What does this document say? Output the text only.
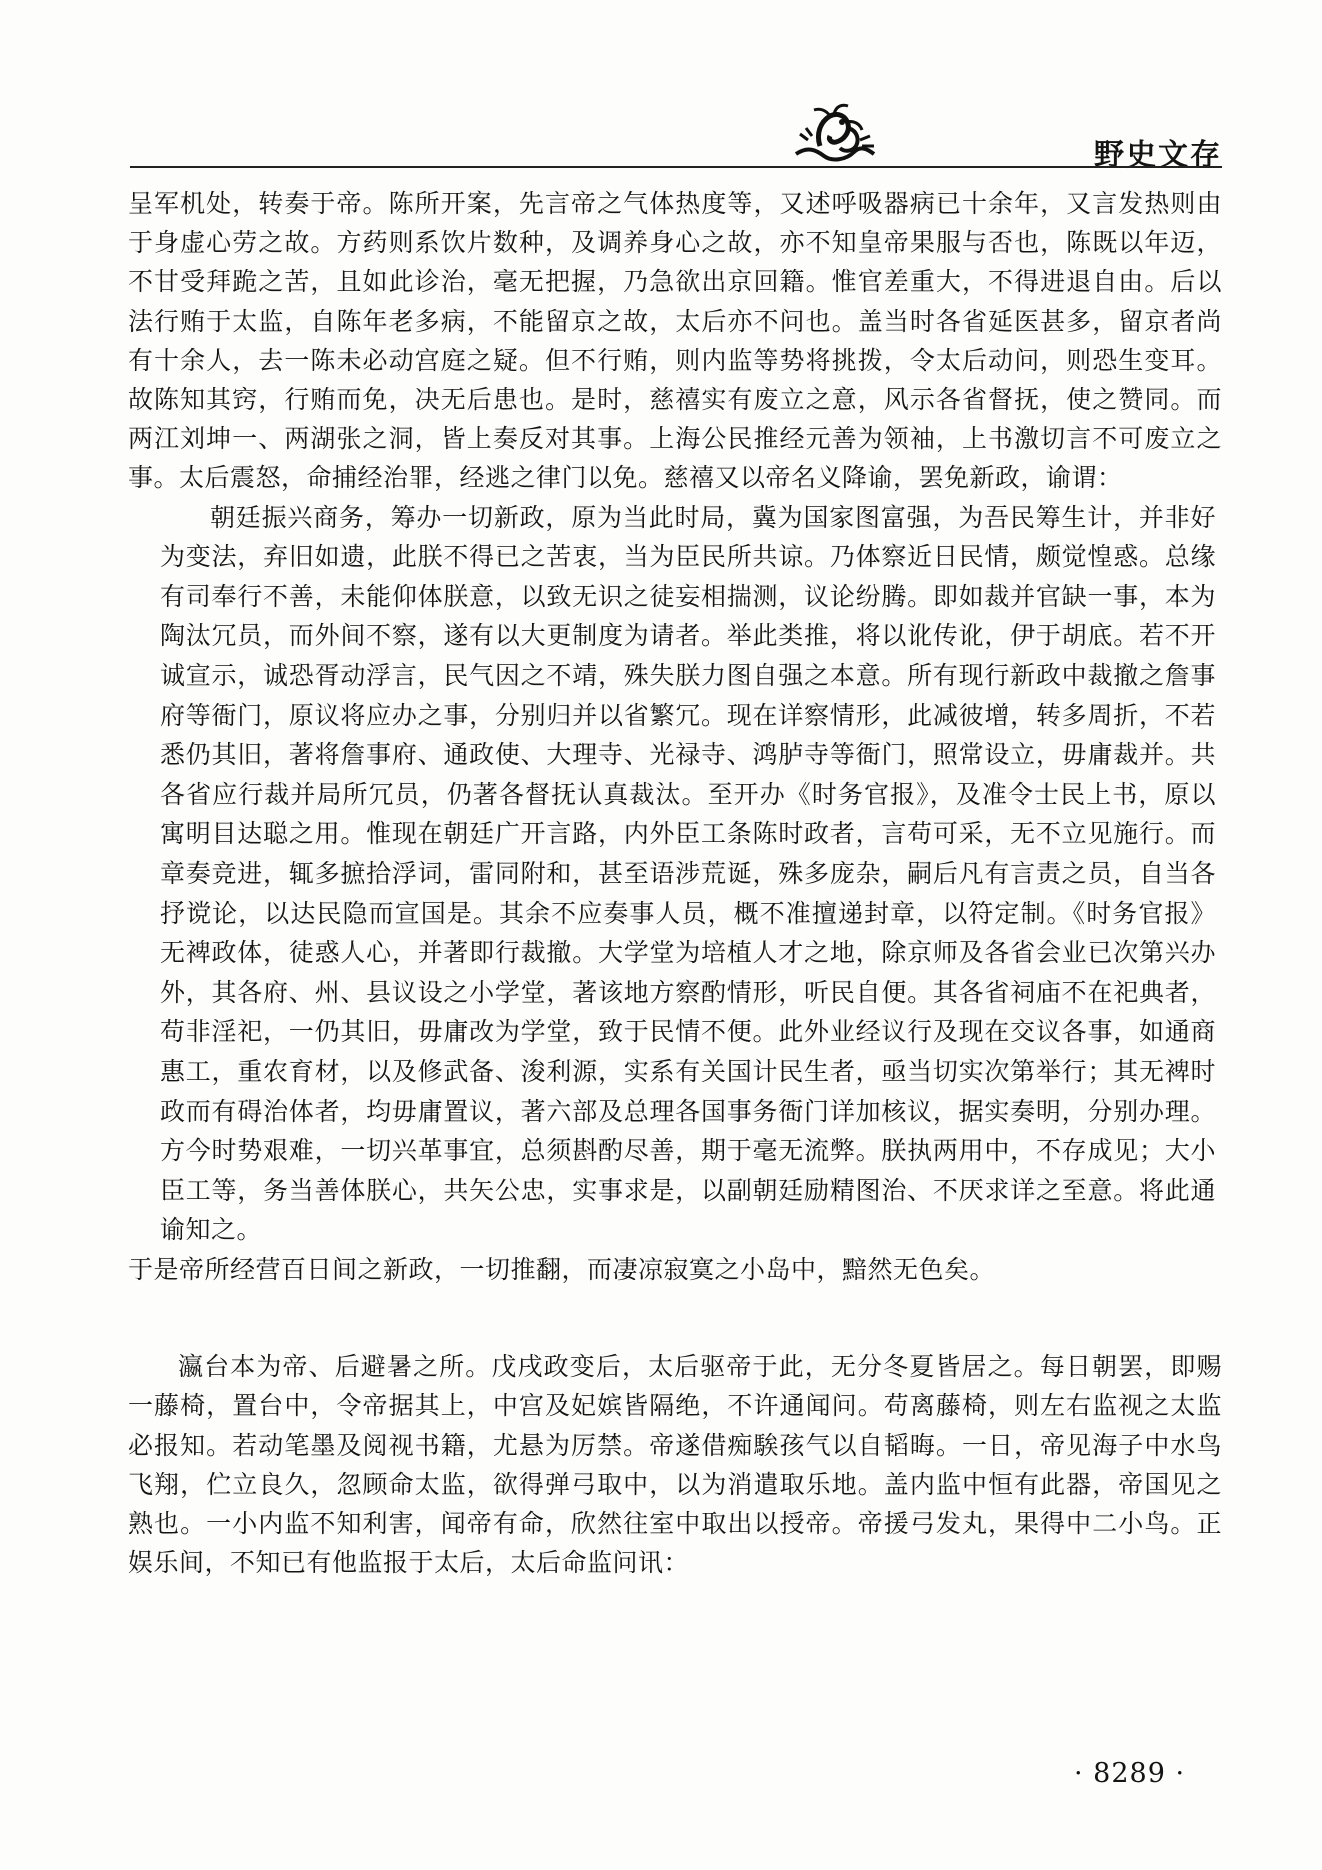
野史文存

呈军机处，转奏于帝。陈所开案，先言帝之气体热度等，又述呼吸器病已十余年，又言发热则由于身虚心劳之故。方药则系饮片数种，及调养身心之故，亦不知皇帝果服与否也，陈既以年迈，不甘受拜跪之苦，且如此诊治，毫无把握，乃急欲出京回籍。惟官差重大，不得进退自由。后以法行贿于太监，自陈年老多病，不能留京之故，太后亦不问也。盖当时各省延医甚多，留京者尚有十余人，去一陈未必动宫庭之疑。但不行贿，则内监等势将挑拨，令太后动问，则恐生变耳。故陈知其窍，行贿而免，决无后患也。是时，慈禧实有废立之意，风示各省督抚，使之赞同。而两江刘坤一、两湖张之洞，皆上奏反对其事。上海公民推经元善为领袖，上书激切言不可废立之事。太后震怒，命捕经治罪，经逃之律门以免。慈禧又以帝名义降谕，罢免新政，谕谓：

朝廷振兴商务，筹办一切新政，原为当此时局，冀为国家图富强，为吾民筹生计，并非好为变法，弃旧如遗，此朕不得已之苦衷，当为臣民所共谅。乃体察近日民情，颇觉惶惑。总缘有司奉行不善，未能仰体朕意，以致无识之徒妄相揣测，议论纷腾。即如裁并官缺一事，本为陶汰冗员，而外间不察，遂有以大更制度为请者。举此类推，将以讹传讹，伊于胡底。若不开诚宣示，诚恐胥动浮言，民气因之不靖，殊失朕力图自强之本意。所有现行新政中裁撤之詹事府等衙门，原议将应办之事，分别归并以省繁冗。现在详察情形，此减彼增，转多周折，不若悉仍其旧，著将詹事府、通政使、大理寺、光禄寺、鸿胪寺等衙门，照常设立，毋庸裁并。共各省应行裁并局所冗员，仍著各督抚认真裁汰。至开办《时务官报》，及准令士民上书，原以寓明目达聪之用。惟现在朝廷广开言路，内外臣工条陈时政者，言苟可采，无不立见施行。而章奏竞进，辄多摭拾浮词，雷同附和，甚至语涉荒诞，殊多庞杂，嗣后凡有言责之员，自当各抒谠论，以达民隐而宣国是。其余不应奏事人员，概不准擅递封章，以符定制。《时务官报》无裨政体，徒惑人心，并著即行裁撤。大学堂为培植人才之地，除京师及各省会业已次第兴办外，其各府、州、县议设之小学堂，著该地方察酌情形，听民自便。其各省祠庙不在祀典者，苟非淫祀，一仍其旧，毋庸改为学堂，致于民情不便。此外业经议行及现在交议各事，如通商惠工，重农育材，以及修武备、浚利源，实系有关国计民生者，亟当切实次第举行；其无裨时政而有碍治体者，均毋庸置议，著六部及总理各国事务衙门详加核议，据实奏明，分别办理。方今时势艰难，一切兴革事宜，总须斟酌尽善，期于毫无流弊。朕执两用中，不存成见；大小臣工等，务当善体朕心，共矢公忠，实事求是，以副朝廷励精图治、不厌求详之至意。将此通谕知之。

于是帝所经营百日间之新政，一切推翻，而凄凉寂寞之小岛中，黯然无色矣。

瀛台本为帝、后避暑之所。戊戌政变后，太后驱帝于此，无分冬夏皆居之。每日朝罢，即赐一藤椅，置台中，令帝据其上，中宫及妃嫔皆隔绝，不许通闻问。苟离藤椅，则左右监视之太监必报知。若动笔墨及阅视书籍，尤悬为厉禁。帝遂借痴騃孩气以自韬晦。一日，帝见海子中水鸟飞翔，伫立良久，忽顾命太监，欲得弹弓取中，以为消遣取乐地。盖内监中恒有此器，帝国见之熟也。一小内监不知利害，闻帝有命，欣然往室中取出以授帝。帝援弓发丸，果得中二小鸟。正娱乐间，不知已有他监报于太后，太后命监问讯：

· 8289 ·
